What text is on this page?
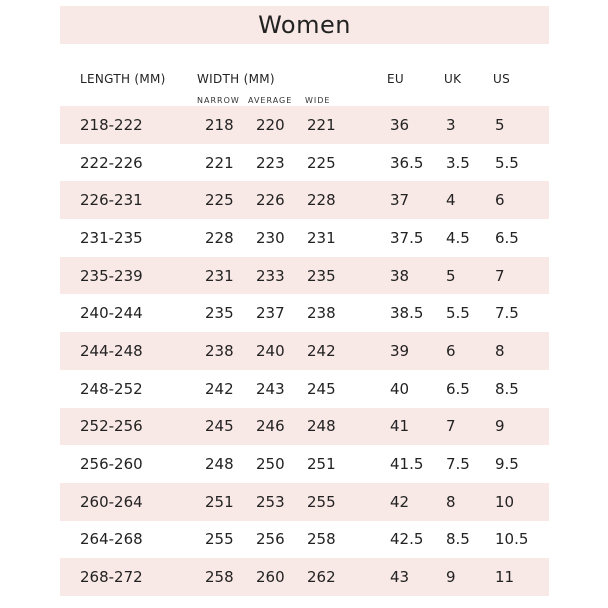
Women
LENGTH (MM)	WIDTH (MM)	EU	UK	US
NARROW AVERAGE WIDE
218-222	218 220 221	36 3	5
222-226	221 223 225	36.5 3.5 5.5
226-231	225 226 228	37 4	6
231-235	228 230 231	37.5 4.5 6.5
235-239	231 233 235	38 5	7
240-244	235 237 238	38.5 5.5 7.5
244-248	238 240 242	39 6	8
248-252	242 243 245	40 6.5 8.5
252-256	245 246 248	41 7	9
256-260	248 250 251	41.5 7.5 9.5
260-264	251 253 255	42 8	10
264-268	255 256 258	42.5 8.5 10.5
268-272	258 260 262	43 9	11
